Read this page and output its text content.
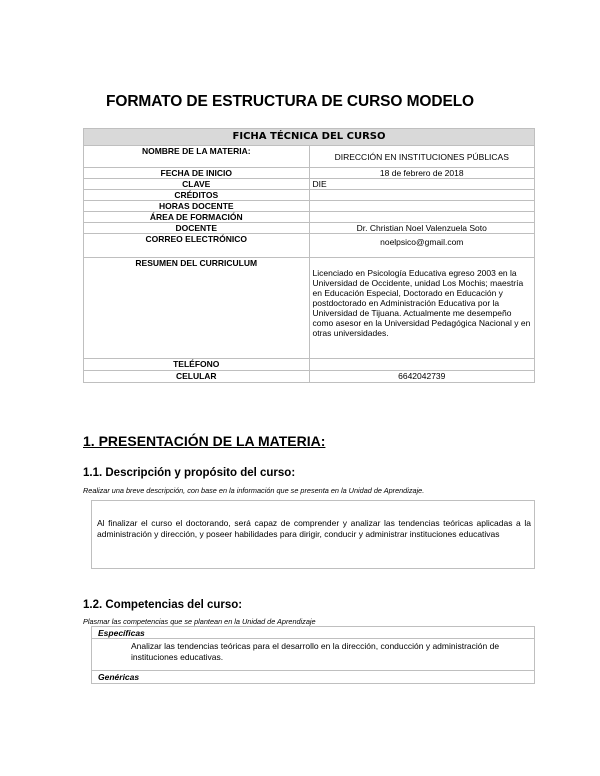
FORMATO DE ESTRUCTURA DE CURSO MODELO
FICHA TÉCNICA DEL CURSO	
NOMBRE DE LA MATERIA:	DIRECCIÓN EN INSTITUCIONES PÚBLICAS
FECHA DE INICIO	18 de febrero de 2018
CLAVE	DIE
CRÉDITOS	
HORAS DOCENTE	
ÁREA DE FORMACIÓN	
DOCENTE	Dr. Christian Noel Valenzuela Soto
CORREO ELECTRÓNICO	noelpsico@gmail.com
RESUMEN DEL CURRICULUM	Licenciado en Psicología Educativa egreso 2003 en la Universidad de Occidente, unidad Los Mochis; maestría en Educación Especial, Doctorado en Educación y postdoctorado en Administración Educativa por la Universidad de Tijuana. Actualmente me desempeño como asesor en la Universidad Pedagógica Nacional y en otras universidades.
TELÉFONO	
CELULAR	6642042739
1. PRESENTACIÓN DE LA MATERIA:
1.1. Descripción y propósito del curso:

Realizar una breve descripción, con base en la información que se presenta en la Unidad de Aprendizaje.

Al finalizar el curso el doctorando, será capaz de comprender y analizar las tendencias teóricas aplicadas a la administración y dirección, y poseer habilidades para dirigir, conducir y administrar instituciones educativas

1.2. Competencias del curso:

Plasmar las competencias que se plantean en la Unidad de Aprendizaje

Específicas

Analizar las tendencias teóricas para el desarrollo en la dirección, conducción y administración de instituciones educativas.

Genéricas
